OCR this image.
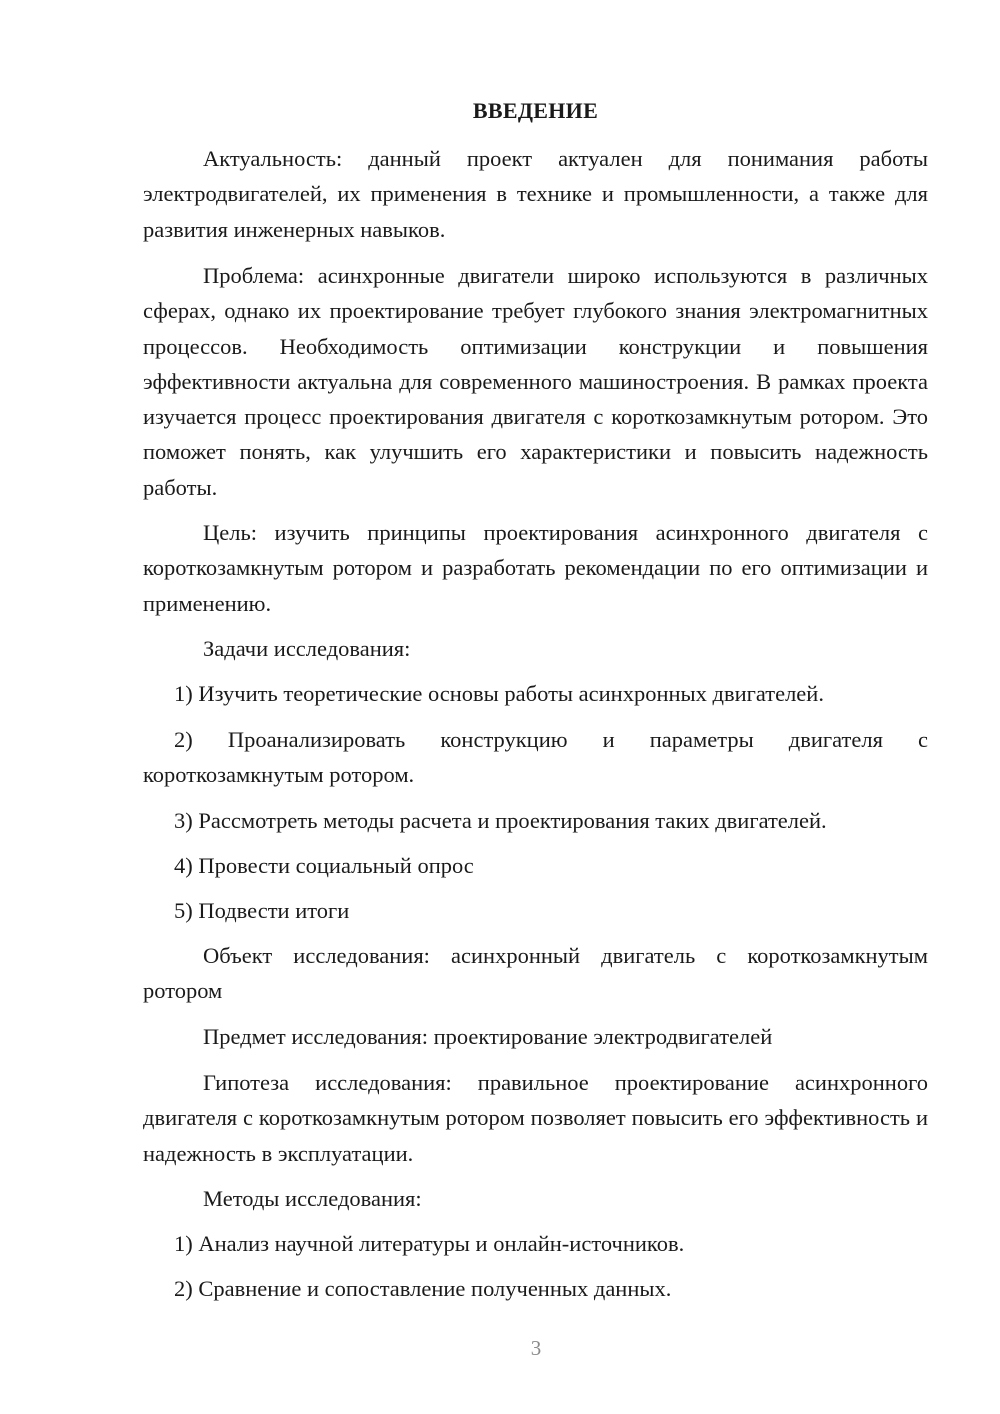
ВВЕДЕНИЕ

Актуальность: данный проект актуален для понимания работы электродвигателей, их применения в технике и промышленности, а также для развития инженерных навыков.

Проблема: асинхронные двигатели широко используются в различных сферах, однако их проектирование требует глубокого знания электромагнитных процессов. Необходимость оптимизации конструкции и повышения эффективности актуальна для современного машиностроения. В рамках проекта изучается процесс проектирования двигателя с короткозамкнутым ротором. Это поможет понять, как улучшить его характеристики и повысить надежность работы.

Цель: изучить принципы проектирования асинхронного двигателя с короткозамкнутым ротором и разработать рекомендации по его оптимизации и применению.

Задачи исследования:

1) Изучить теоретические основы работы асинхронных двигателей.

2) Проанализировать конструкцию и параметры двигателя с короткозамкнутым ротором.

3) Рассмотреть методы расчета и проектирования таких двигателей.

4) Провести социальный опрос

5) Подвести итоги

Объект исследования: асинхронный двигатель с короткозамкнутым ротором

Предмет исследования: проектирование электродвигателей

Гипотеза исследования: правильное проектирование асинхронного двигателя с короткозамкнутым ротором позволяет повысить его эффективность и надежность в эксплуатации.

Методы исследования:

1) Анализ научной литературы и онлайн-источников.

2) Сравнение и сопоставление полученных данных.

3
